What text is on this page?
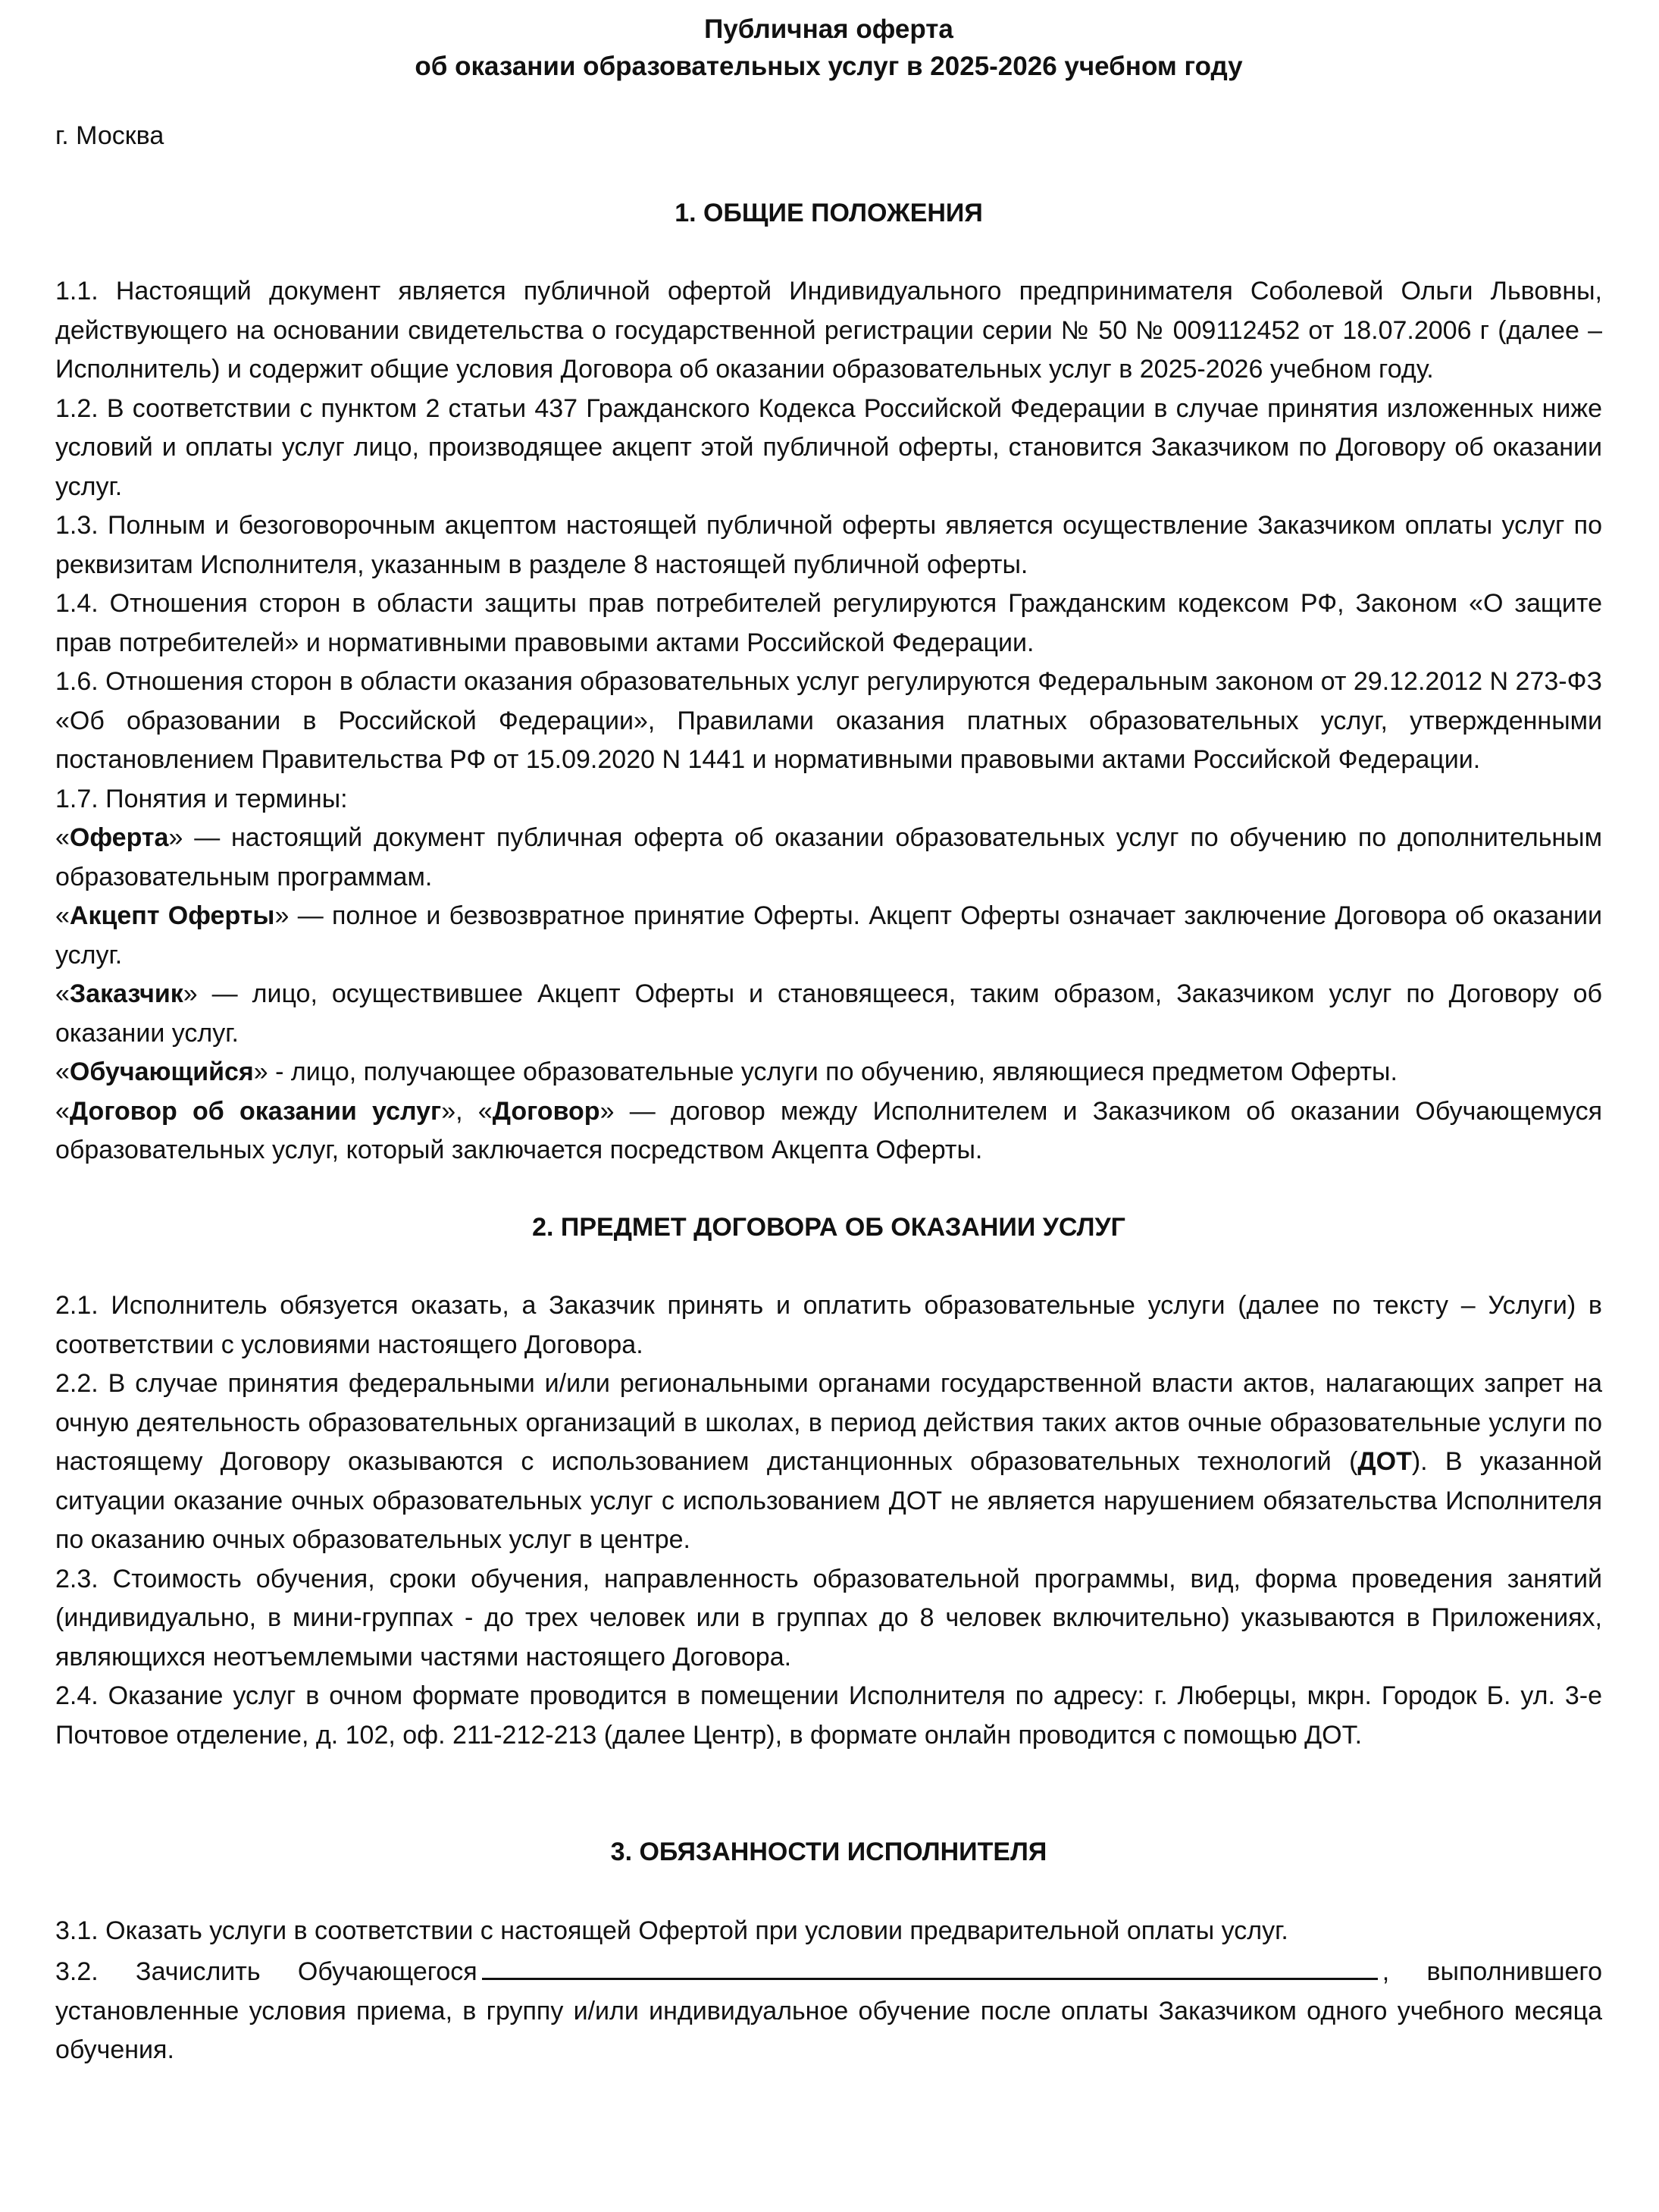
Публичная оферта
об оказании образовательных услуг в 2025-2026 учебном году
г. Москва
1. ОБЩИЕ ПОЛОЖЕНИЯ

1.1. Настоящий документ является публичной офертой Индивидуального предпринимателя Соболевой Ольги Львовны, действующего на основании свидетельства о государственной регистрации серии № 50 № 009112452 от 18.07.2006 г (далее – Исполнитель) и содержит общие условия Договора об оказании образовательных услуг в 2025-2026 учебном году.

1.2. В соответствии с пунктом 2 статьи 437 Гражданского Кодекса Российской Федерации в случае принятия изложенных ниже условий и оплаты услуг лицо, производящее акцепт этой публичной оферты, становится Заказчиком по Договору об оказании услуг.

1.3. Полным и безоговорочным акцептом настоящей публичной оферты является осуществление Заказчиком оплаты услуг по реквизитам Исполнителя, указанным в разделе 8 настоящей публичной оферты.

1.4. Отношения сторон в области защиты прав потребителей регулируются Гражданским кодексом РФ, Законом «О защите прав потребителей» и нормативными правовыми актами Российской Федерации.

1.6. Отношения сторон в области оказания образовательных услуг регулируются Федеральным законом от 29.12.2012 N 273-ФЗ «Об образовании в Российской Федерации», Правилами оказания платных образовательных услуг, утвержденными постановлением Правительства РФ от 15.09.2020 N 1441 и нормативными правовыми актами Российской Федерации.

1.7. Понятия и термины:

«Оферта» — настоящий документ публичная оферта об оказании образовательных услуг по обучению по дополнительным образовательным программам.

«Акцепт Оферты» — полное и безвозвратное принятие Оферты. Акцепт Оферты означает заключение Договора об оказании услуг.

«Заказчик» — лицо, осуществившее Акцепт Оферты и становящееся, таким образом, Заказчиком услуг по Договору об оказании услуг.

«Обучающийся» - лицо, получающее образовательные услуги по обучению, являющиеся предметом Оферты.

«Договор об оказании услуг», «Договор» — договор между Исполнителем и Заказчиком об оказании Обучающемуся образовательных услуг, который заключается посредством Акцепта Оферты.

2. ПРЕДМЕТ ДОГОВОРА ОБ ОКАЗАНИИ УСЛУГ

2.1. Исполнитель обязуется оказать, а Заказчик принять и оплатить образовательные услуги (далее по тексту – Услуги) в соответствии с условиями настоящего Договора.

2.2. В случае принятия федеральными и/или региональными органами государственной власти актов, налагающих запрет на очную деятельность образовательных организаций в школах, в период действия таких актов очные образовательные услуги по настоящему Договору оказываются с использованием дистанционных образовательных технологий (ДОТ). В указанной ситуации оказание очных образовательных услуг с использованием ДОТ не является нарушением обязательства Исполнителя по оказанию очных образовательных услуг в центре.

2.3. Стоимость обучения, сроки обучения, направленность образовательной программы, вид, форма проведения занятий (индивидуально, в мини-группах - до трех человек или в группах до 8 человек включительно) указываются в Приложениях, являющихся неотъемлемыми частями настоящего Договора.

2.4. Оказание услуг в очном формате проводится в помещении Исполнителя по адресу: г. Люберцы, мкрн. Городок Б. ул. 3-е Почтовое отделение, д. 102, оф. 211-212-213 (далее Центр), в формате онлайн проводится с помощью ДОТ.

3. ОБЯЗАННОСТИ ИСПОЛНИТЕЛЯ

3.1. Оказать услуги в соответствии с настоящей Офертой при условии предварительной оплаты услуг.

3.2. Зачислить Обучающегося	, выполнившего установленные условия приема, в группу и/или индивидуальное обучение после оплаты Заказчиком одного учебного месяца обучения.
